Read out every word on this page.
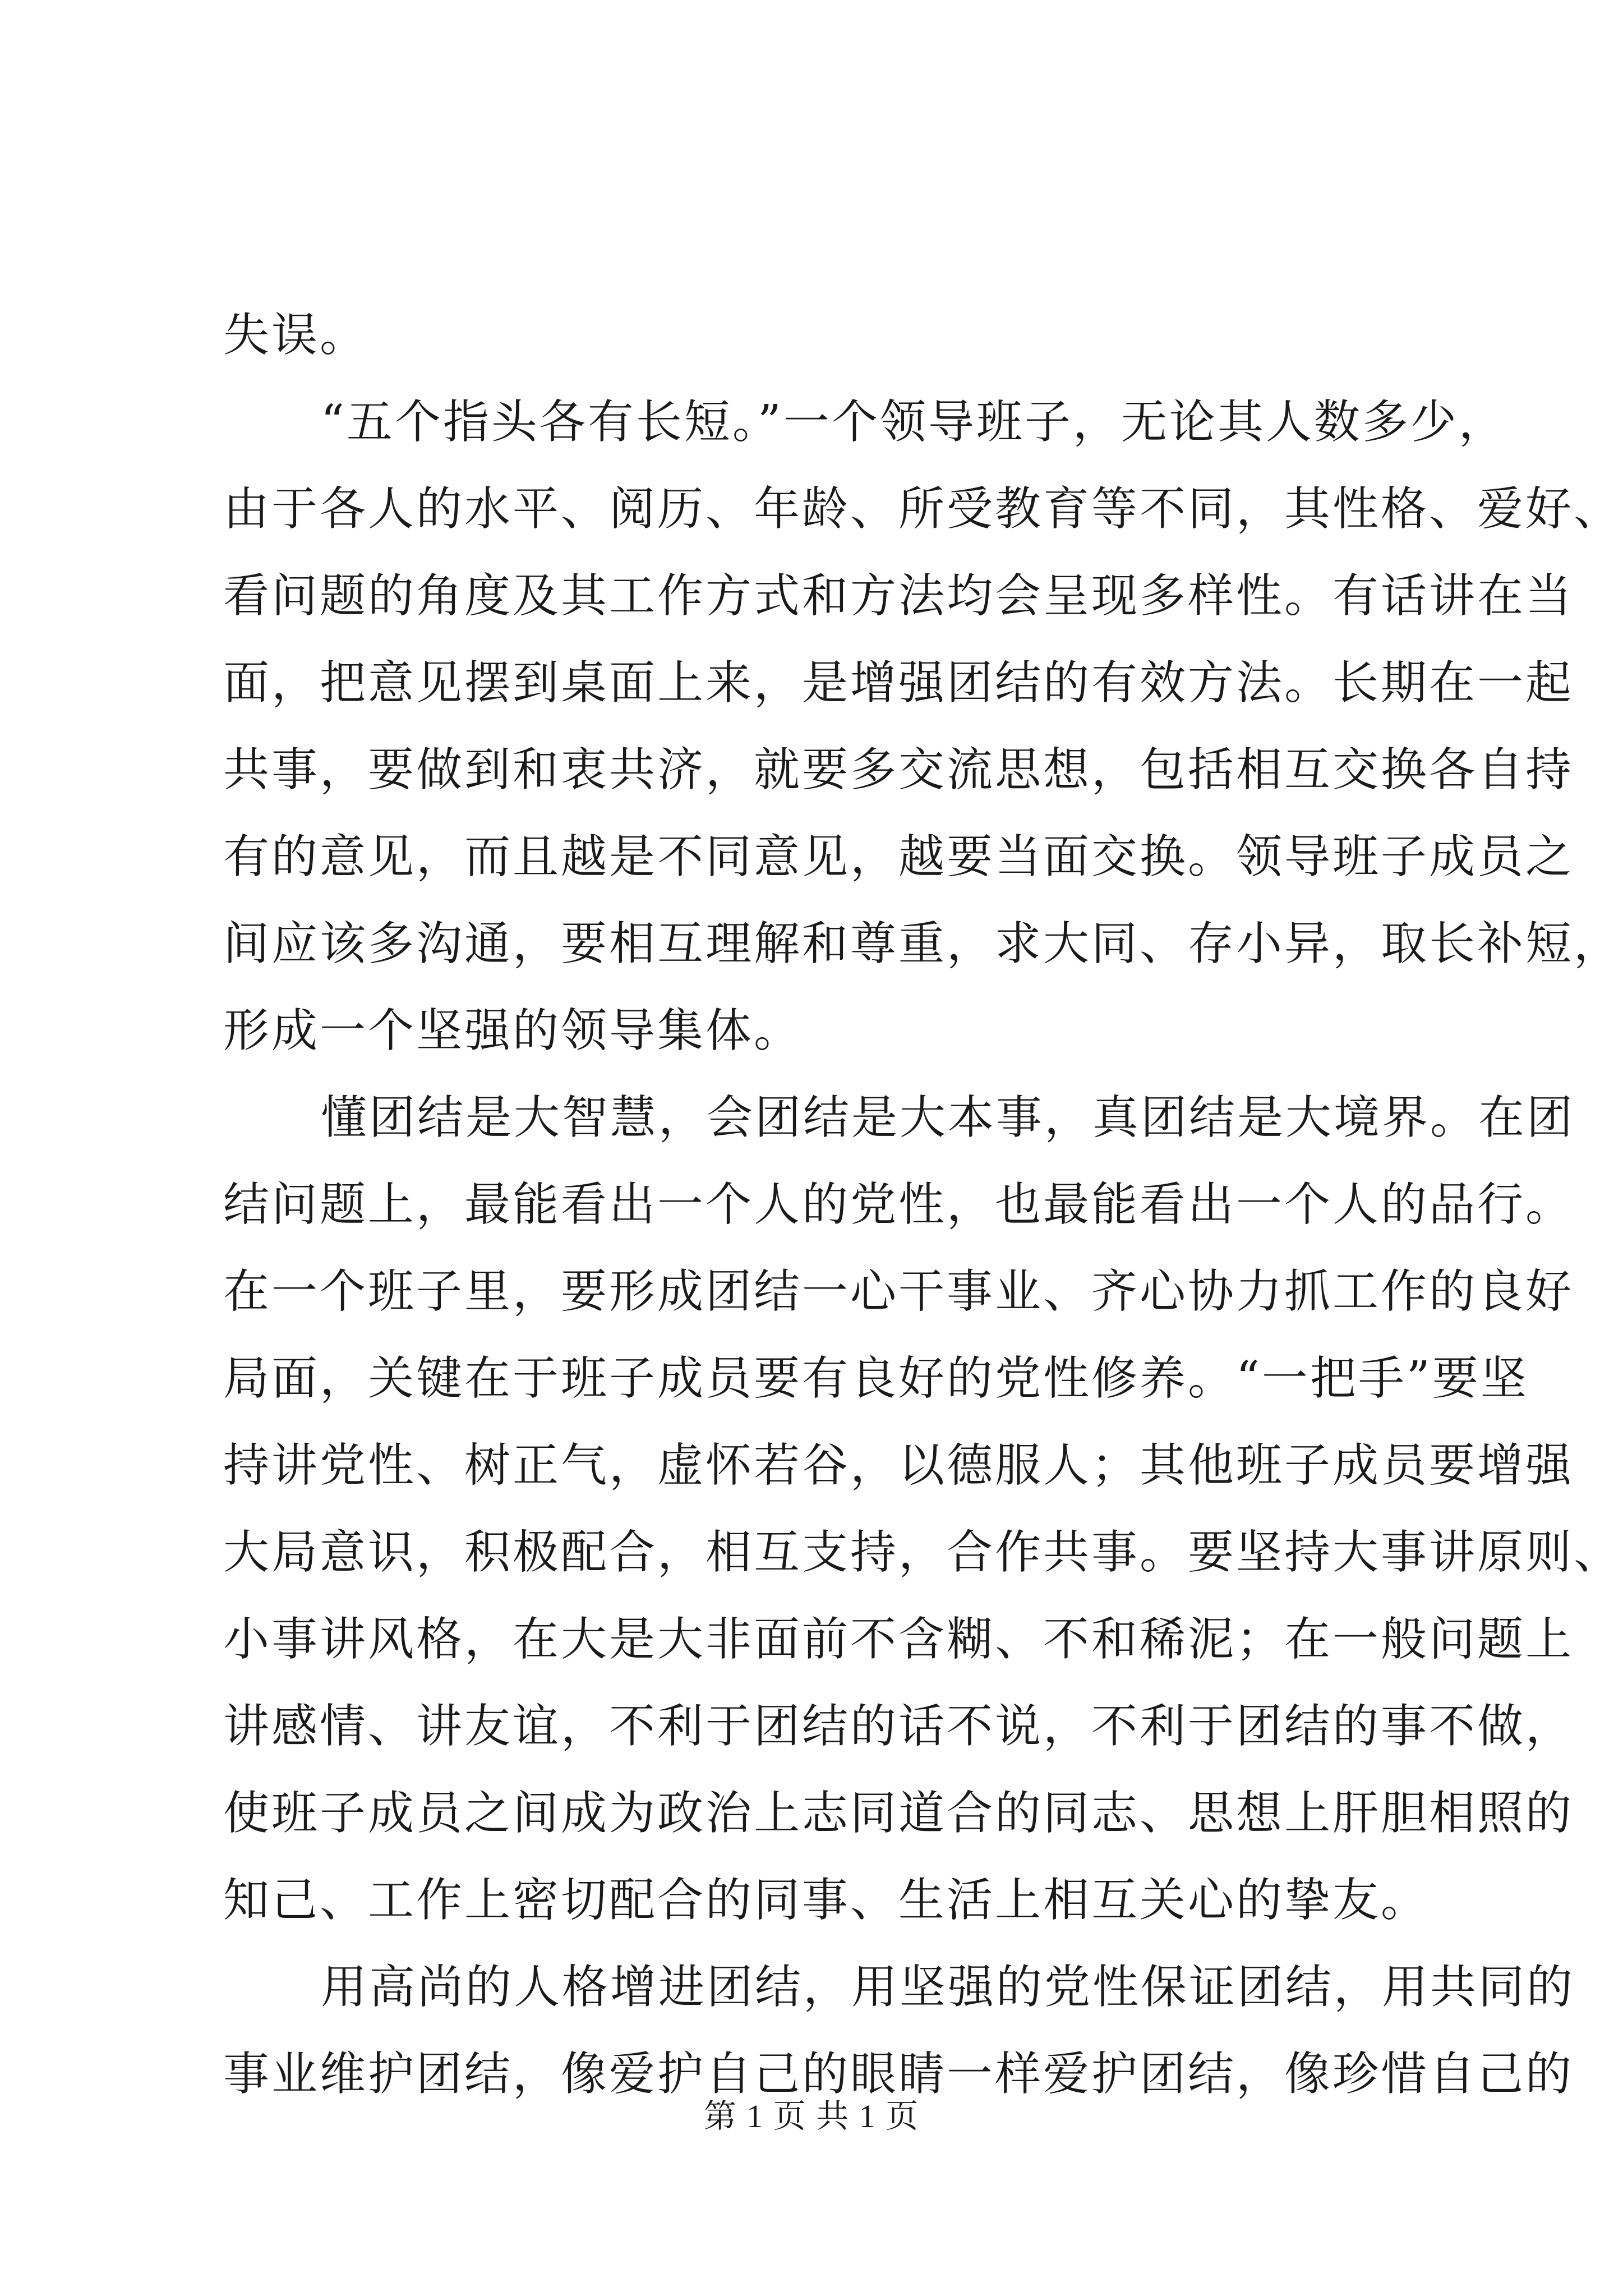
失误。
“五个指头各有长短。”一个领导班子，无论其人数多少，
由于各人的水平、阅历、年龄、所受教育等不同，其性格、爱好、
看问题的角度及其工作方式和方法均会呈现多样性。有话讲在当
面，把意见摆到桌面上来，是增强团结的有效方法。长期在一起
共事，要做到和衷共济，就要多交流思想，包括相互交换各自持
有的意见，而且越是不同意见，越要当面交换。领导班子成员之
间应该多沟通，要相互理解和尊重，求大同、存小异，取长补短，
形成一个坚强的领导集体。
懂团结是大智慧，会团结是大本事，真团结是大境界。在团
结问题上，最能看出一个人的党性，也最能看出一个人的品行。
在一个班子里，要形成团结一心干事业、齐心协力抓工作的良好
局面，关键在于班子成员要有良好的党性修养。“一把手”要坚
持讲党性、树正气，虚怀若谷，以德服人；其他班子成员要增强
大局意识，积极配合，相互支持，合作共事。要坚持大事讲原则、
小事讲风格，在大是大非面前不含糊、不和稀泥；在一般问题上
讲感情、讲友谊，不利于团结的话不说，不利于团结的事不做，
使班子成员之间成为政治上志同道合的同志、思想上肝胆相照的
知己、工作上密切配合的同事、生活上相互关心的挚友。
用高尚的人格增进团结，用坚强的党性保证团结，用共同的
事业维护团结，像爱护自己的眼睛一样爱护团结，像珍惜自己的
第 1 页 共 1 页
